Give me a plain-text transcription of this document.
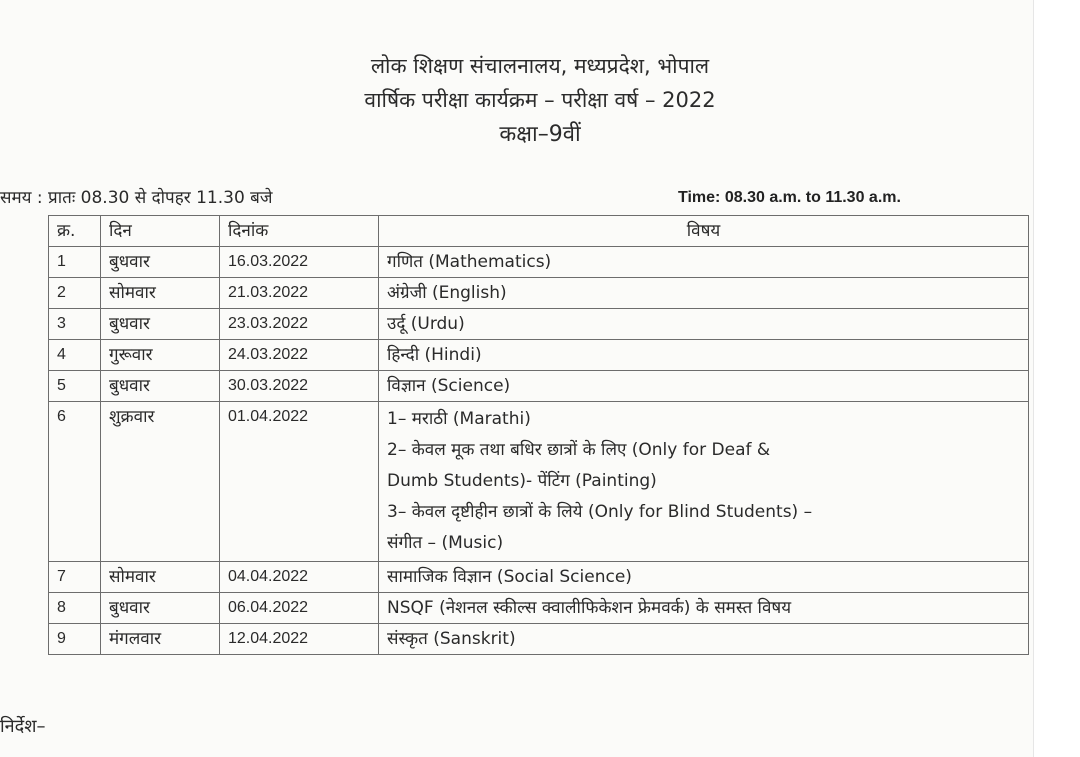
लोक शिक्षण संचालनालय, मध्यप्रदेश, भोपाल
वार्षिक परीक्षा कार्यक्रम – परीक्षा वर्ष – 2022
कक्षा–9वीं
समय : प्रातः 08.30 से दोपहर 11.30 बजे	Time: 08.30 a.m. to 11.30 a.m.
क्र.	दिन	दिनांक	विषय
1	बुधवार	16.03.2022	गणित (Mathematics)
2	सोमवार	21.03.2022	अंग्रेजी (English)
3	बुधवार	23.03.2022	उर्दू (Urdu)
4	गुरूवार	24.03.2022	हिन्दी (Hindi)
5	बुधवार	30.03.2022	विज्ञान (Science)
6	शुक्रवार	01.04.2022	1– मराठी (Marathi)
2– केवल मूक तथा बधिर छात्रों के लिए (Only for Deaf &
Dumb Students)- पेंटिंग (Painting)
3– केवल दृष्टीहीन छात्रों के लिये (Only for Blind Students) –
संगीत – (Music)

7	सोमवार	04.04.2022	सामाजिक विज्ञान (Social Science)
8	बुधवार	06.04.2022	NSQF (नेशनल स्कील्स क्वालीफिकेशन फ्रेमवर्क) के समस्त विषय
9	मंगलवार	12.04.2022	संस्कृत (Sanskrit)
निर्देश–
